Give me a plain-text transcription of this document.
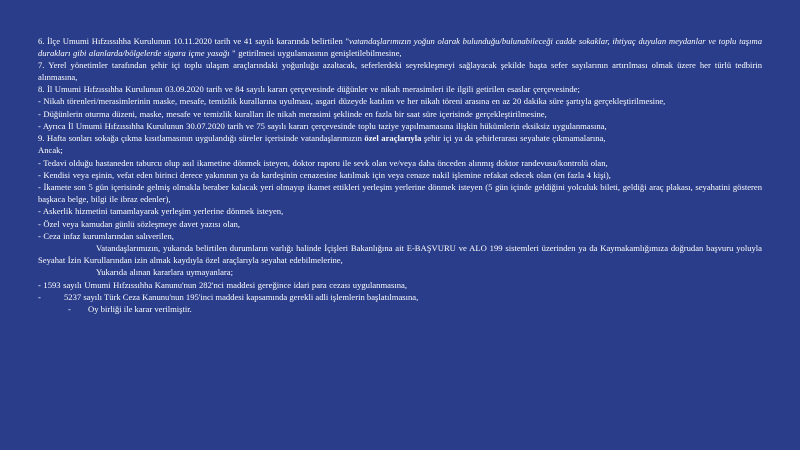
6. İlçe Umumi Hıfzıssıhha Kurulunun 10.11.2020 tarih ve 41 sayılı kararında belirtilen "vatandaşlarımızın yoğun olarak bulunduğu/bulunabileceği cadde sokaklar, ihtiyaç duyulan meydanlar ve toplu taşıma durakları gibi alanlarda/bölgelerde sigara içme yasağı " getirilmesi uygulamasının genişletilebilmesine,

7. Yerel yönetimler tarafından şehir içi toplu ulaşım araçlarındaki yoğunluğu azaltacak, seferlerdeki seyrekleşmeyi sağlayacak şekilde başta sefer sayılarının artırılması olmak üzere her türlü tedbirin alınmasına,

8. İl Umumi Hıfzıssıhha Kurulunun 03.09.2020 tarih ve 84 sayılı kararı çerçevesinde düğünler ve nikah merasimleri ile ilgili getirilen esaslar çerçevesinde;

- Nikah törenleri/merasimlerinin maske, mesafe, temizlik kurallarına uyulması, asgari düzeyde katılım ve her nikah töreni arasına en az 20 dakika süre şartıyla gerçekleştirilmesine,

- Düğünlerin oturma düzeni, maske, mesafe ve temizlik kuralları ile nikah merasimi şeklinde en fazla bir saat süre içerisinde gerçekleştirilmesine,

- Ayrıca İl Umumi Hıfzıssıhha Kurulunun 30.07.2020 tarih ve 75 sayılı kararı çerçevesinde toplu taziye yapılmamasına ilişkin hükümlerin eksiksiz uygulanmasına,

9. Hafta sonları sokağa çıkma kısıtlamasının uygulandığı süreler içerisinde vatandaşlarımızın özel araçlarıyla şehir içi ya da şehirlerarası seyahate çıkmamalarına,

Ancak;

- Tedavi olduğu hastaneden taburcu olup asıl ikametine dönmek isteyen, doktor raporu ile sevk olan ve/veya daha önceden alınmış doktor randevusu/kontrolü olan,

- Kendisi veya eşinin, vefat eden birinci derece yakınının ya da kardeşinin cenazesine katılmak için veya cenaze nakil işlemine refakat edecek olan (en fazla 4 kişi),

- İkamete son 5 gün içerisinde gelmiş olmakla beraber kalacak yeri olmayıp ikamet ettikleri yerleşim yerlerine dönmek isteyen (5 gün içinde geldiğini yolculuk bileti, geldiği araç plakası, seyahatini gösteren başkaca belge, bilgi ile ibraz edenler),

- Askerlik hizmetini tamamlayarak yerleşim yerlerine dönmek isteyen,

- Özel veya kamudan günlü sözleşmeye davet yazısı olan,

- Ceza infaz kurumlarından salıverilen,

Vatandaşlarımızın, yukarıda belirtilen durumların varlığı halinde İçişleri Bakanlığına ait E-BAŞVURU ve ALO 199 sistemleri üzerinden ya da Kaymakamlığımıza doğrudan başvuru yoluyla Seyahat İzin Kurullarından izin almak kaydıyla özel araçlarıyla seyahat edebilmelerine,

Yukarıda alınan kararlara uymayanlara;

- 1593 sayılı Umumi Hıfzıssıhha Kanunu'nun 282'nci maddesi gereğince idari para cezası uygulanmasına,

-	5237 sayılı Türk Ceza Kanunu'nun 195'inci maddesi kapsamında gerekli adli işlemlerin başlatılmasına,
-	Oy birliği ile karar verilmiştir.
